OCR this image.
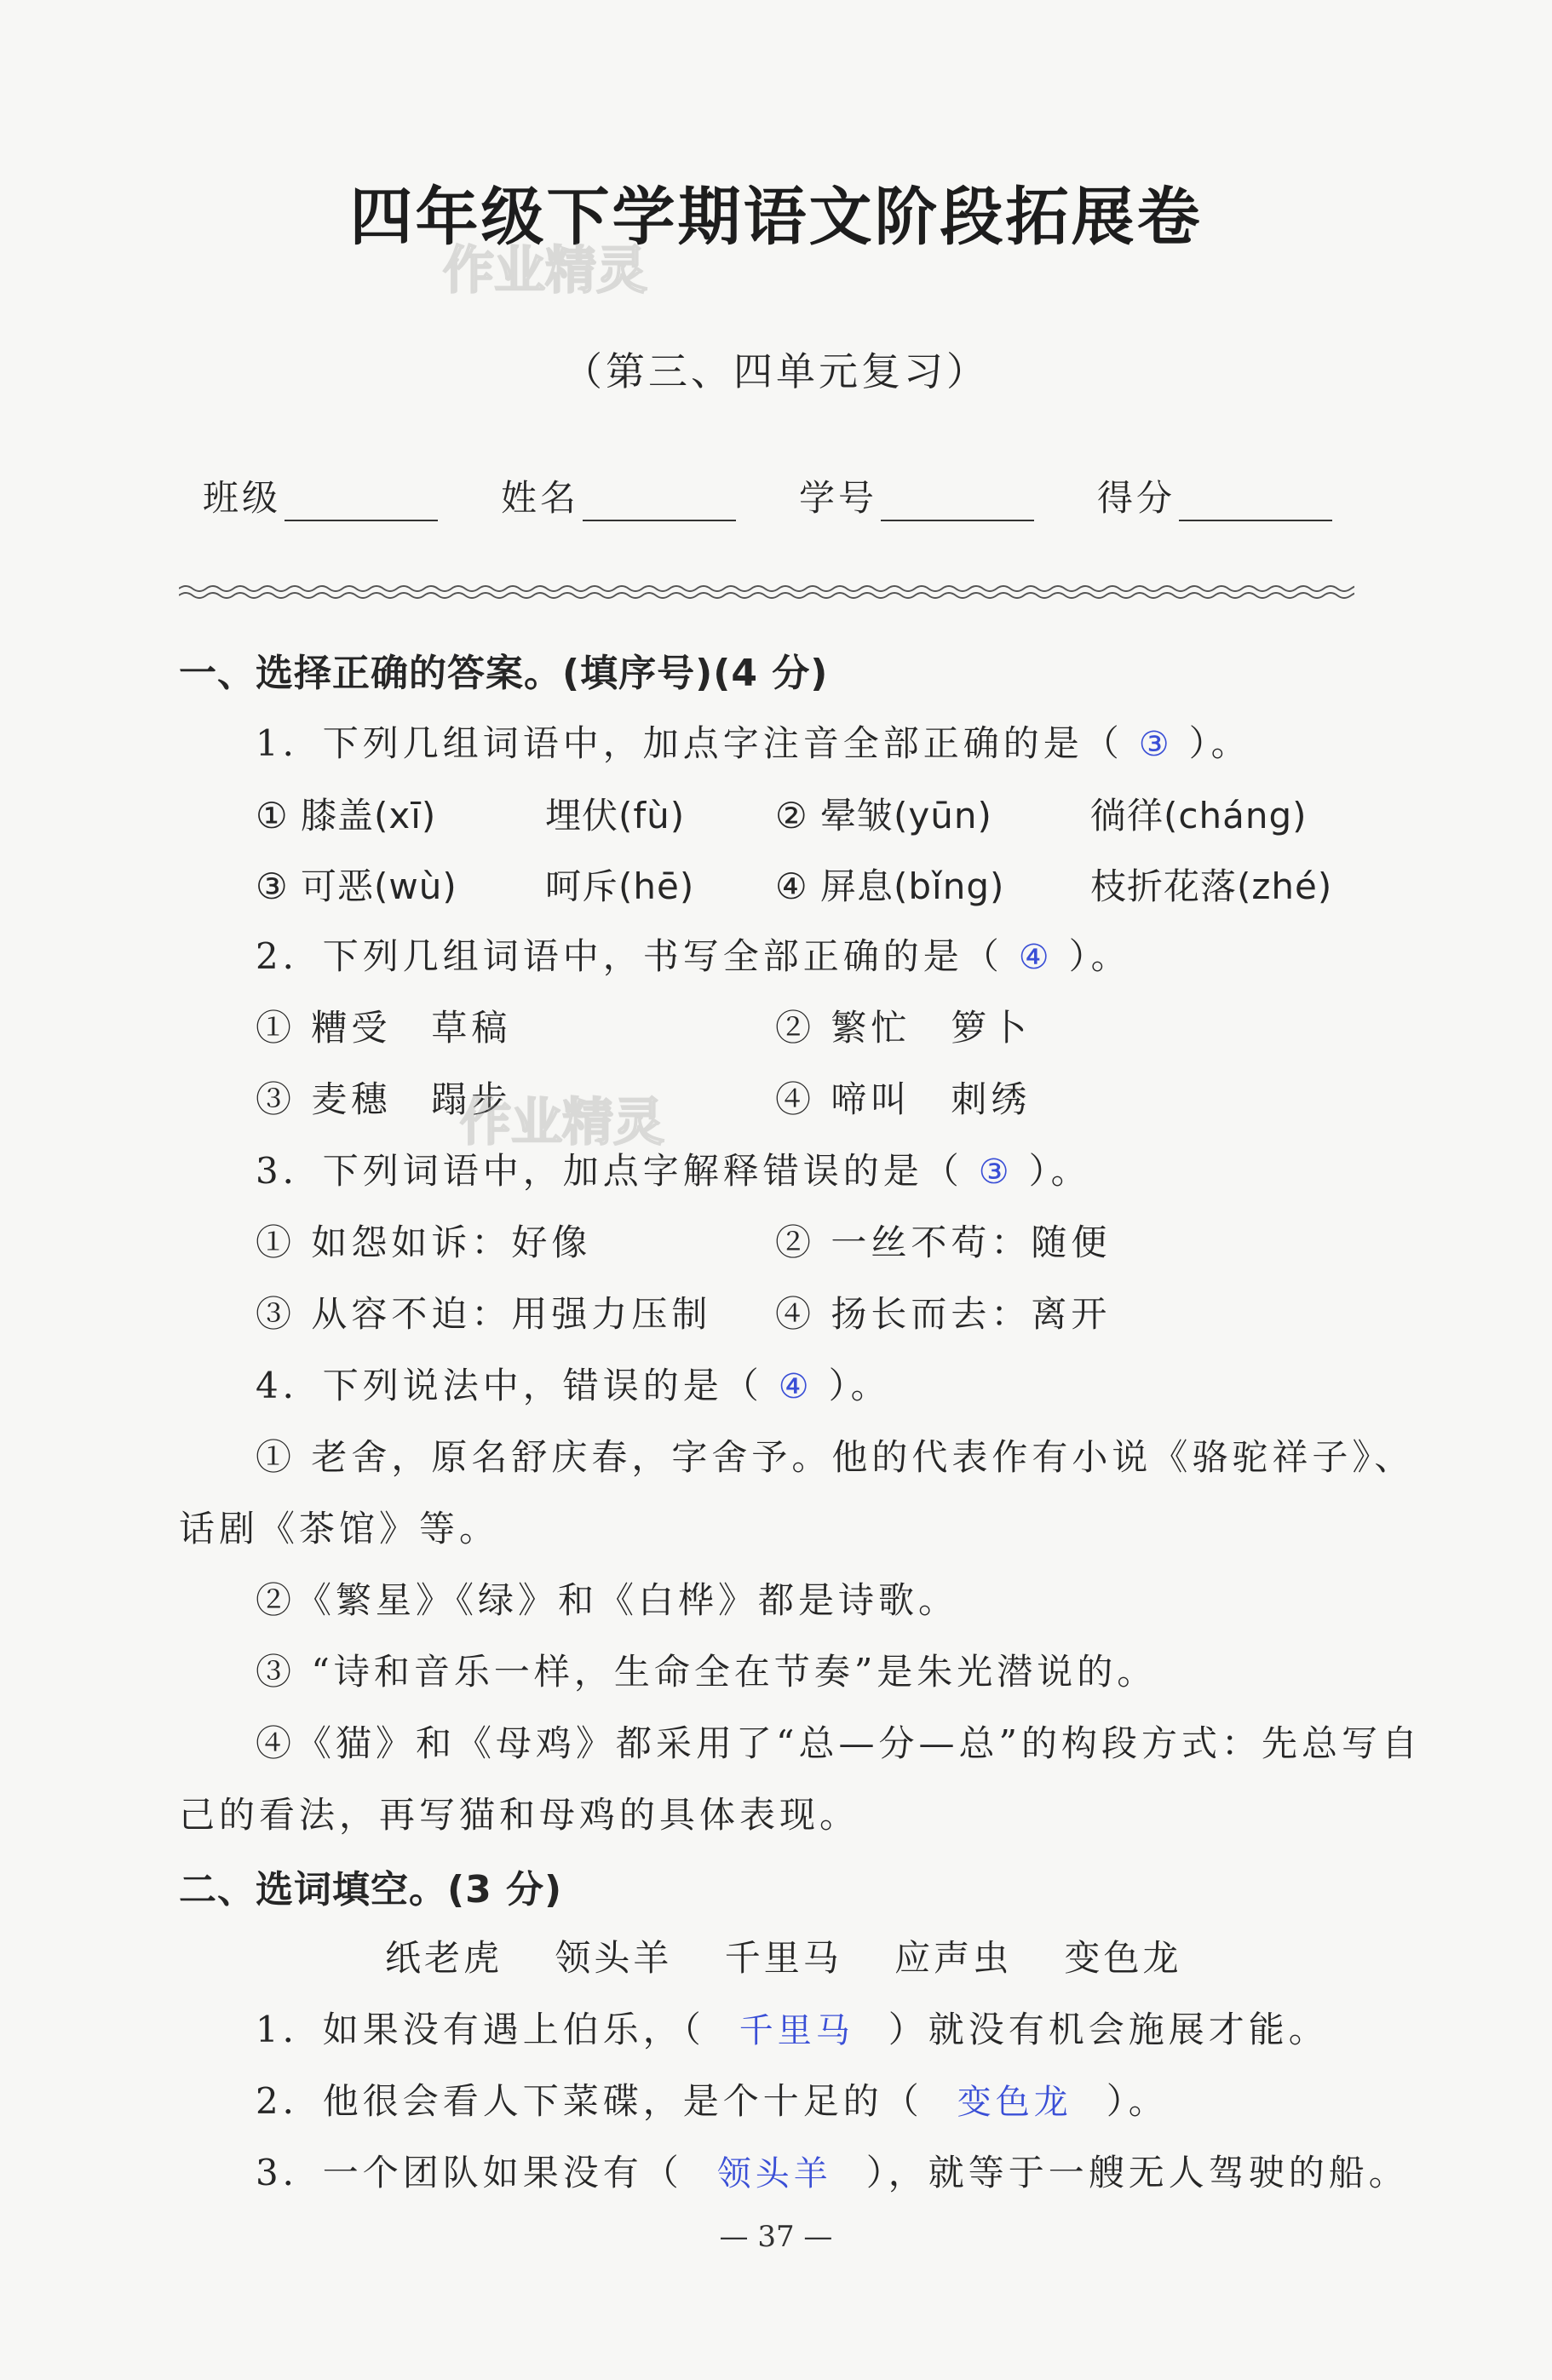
四年级下学期语文阶段拓展卷
作业精灵
（第三、四单元复习）
班级	姓名	学号	得分
一、选择正确的答案。(填序号)(4 分)
1．下列几组词语中，加点字注音全部正确的是（ ③ ）。
① 膝盖(xī)	埋伏(fù)	② 晕皱(yūn)	徜徉(cháng)
③ 可恶(wù) 呵斥(hē) ④ 屏息(bǐng) 枝折花落(zhé)
2．下列几组词语中，书写全部正确的是（ ④ ）。
① 糟受　草稿	② 繁忙　箩卜
③ 麦穗　蹋步	④ 啼叫　刺绣
作业精灵
3．下列词语中，加点字解释错误的是（ ③ ）。
① 如怨如诉：好像	② 一丝不苟：随便
③ 从容不迫：用强力压制 ④ 扬长而去：离开
4．下列说法中，错误的是（ ④ ）。
① 老舍，原名舒庆春，字舍予。他的代表作有小说《骆驼祥子》、
话剧《茶馆》等。
②《繁星》《绿》和《白桦》都是诗歌。
③ “诗和音乐一样，生命全在节奏”是朱光潜说的。
④《猫》和《母鸡》都采用了“总—分—总”的构段方式：先总写自
己的看法，再写猫和母鸡的具体表现。
二、选词填空。(3 分)
纸老虎 领头羊 千里马 应声虫 变色龙
1．如果没有遇上伯乐，（ 千里马 ）就没有机会施展才能。
2．他很会看人下菜碟，是个十足的（ 变色龙 ）。
3．一个团队如果没有（ 领头羊 ），就等于一艘无人驾驶的船。
— 37 —
